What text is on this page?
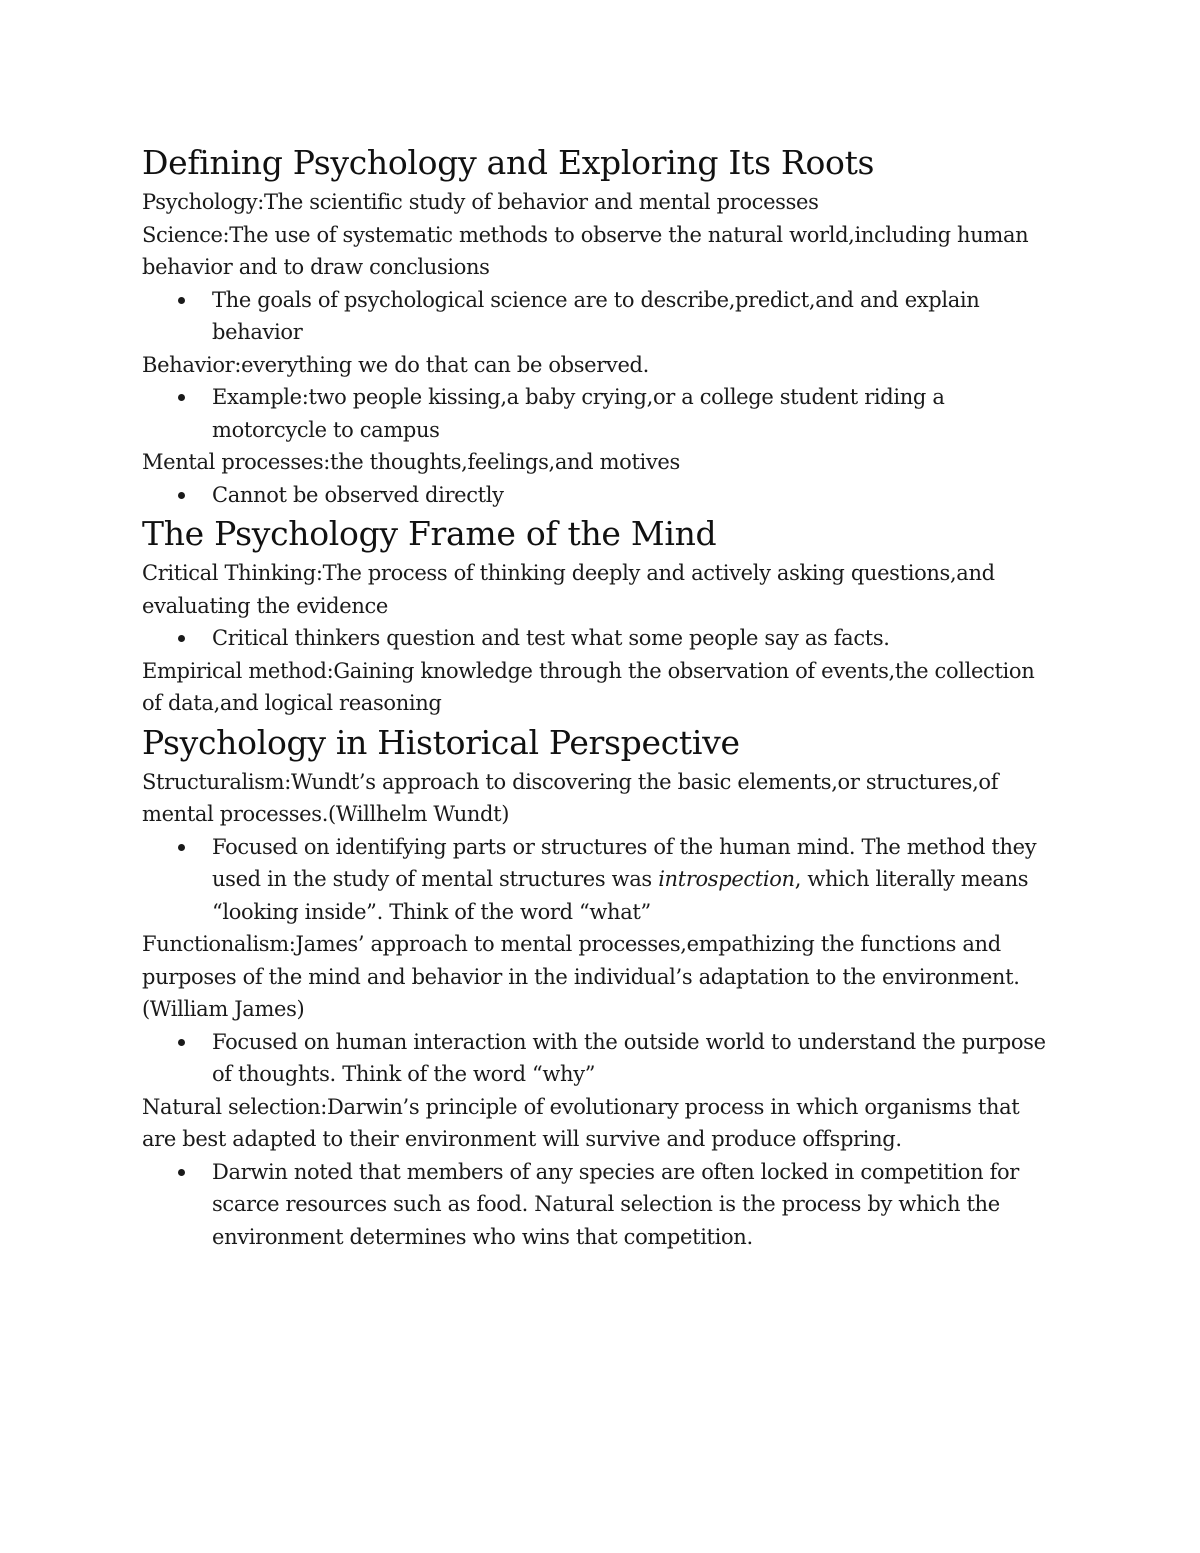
Defining Psychology and Exploring Its Roots

Psychology:The scientific study of behavior and mental processes

Science:The use of systematic methods to observe the natural world,including human behavior and to draw conclusions

The goals of psychological science are to describe,predict,and and explain behavior

Behavior:everything we do that can be observed.

Example:two people kissing,a baby crying,or a college student riding a motorcycle to campus

Mental processes:the thoughts,feelings,and motives

Cannot be observed directly
The Psychology Frame of the Mind

Critical Thinking:The process of thinking deeply and actively asking questions,and evaluating the evidence

Critical thinkers question and test what some people say as facts.

Empirical method:Gaining knowledge through the observation of events,the collection of data,and logical reasoning

Psychology in Historical Perspective

Structuralism:Wundt’s approach to discovering the basic elements,or structures,of mental processes.(Willhelm Wundt)

Focused on identifying parts or structures of the human mind. The method they used in the study of mental structures was introspection, which literally means “looking inside”. Think of the word “what”

Functionalism:James’ approach to mental processes,empathizing the functions and purposes of the mind and behavior in the individual’s adaptation to the environment. (William James)

Focused on human interaction with the outside world to understand the purpose of thoughts. Think of the word “why”

Natural selection:Darwin’s principle of evolutionary process in which organisms that are best adapted to their environment will survive and produce offspring.

Darwin noted that members of any species are often locked in competition for scarce resources such as food. Natural selection is the process by which the environment determines who wins that competition.
